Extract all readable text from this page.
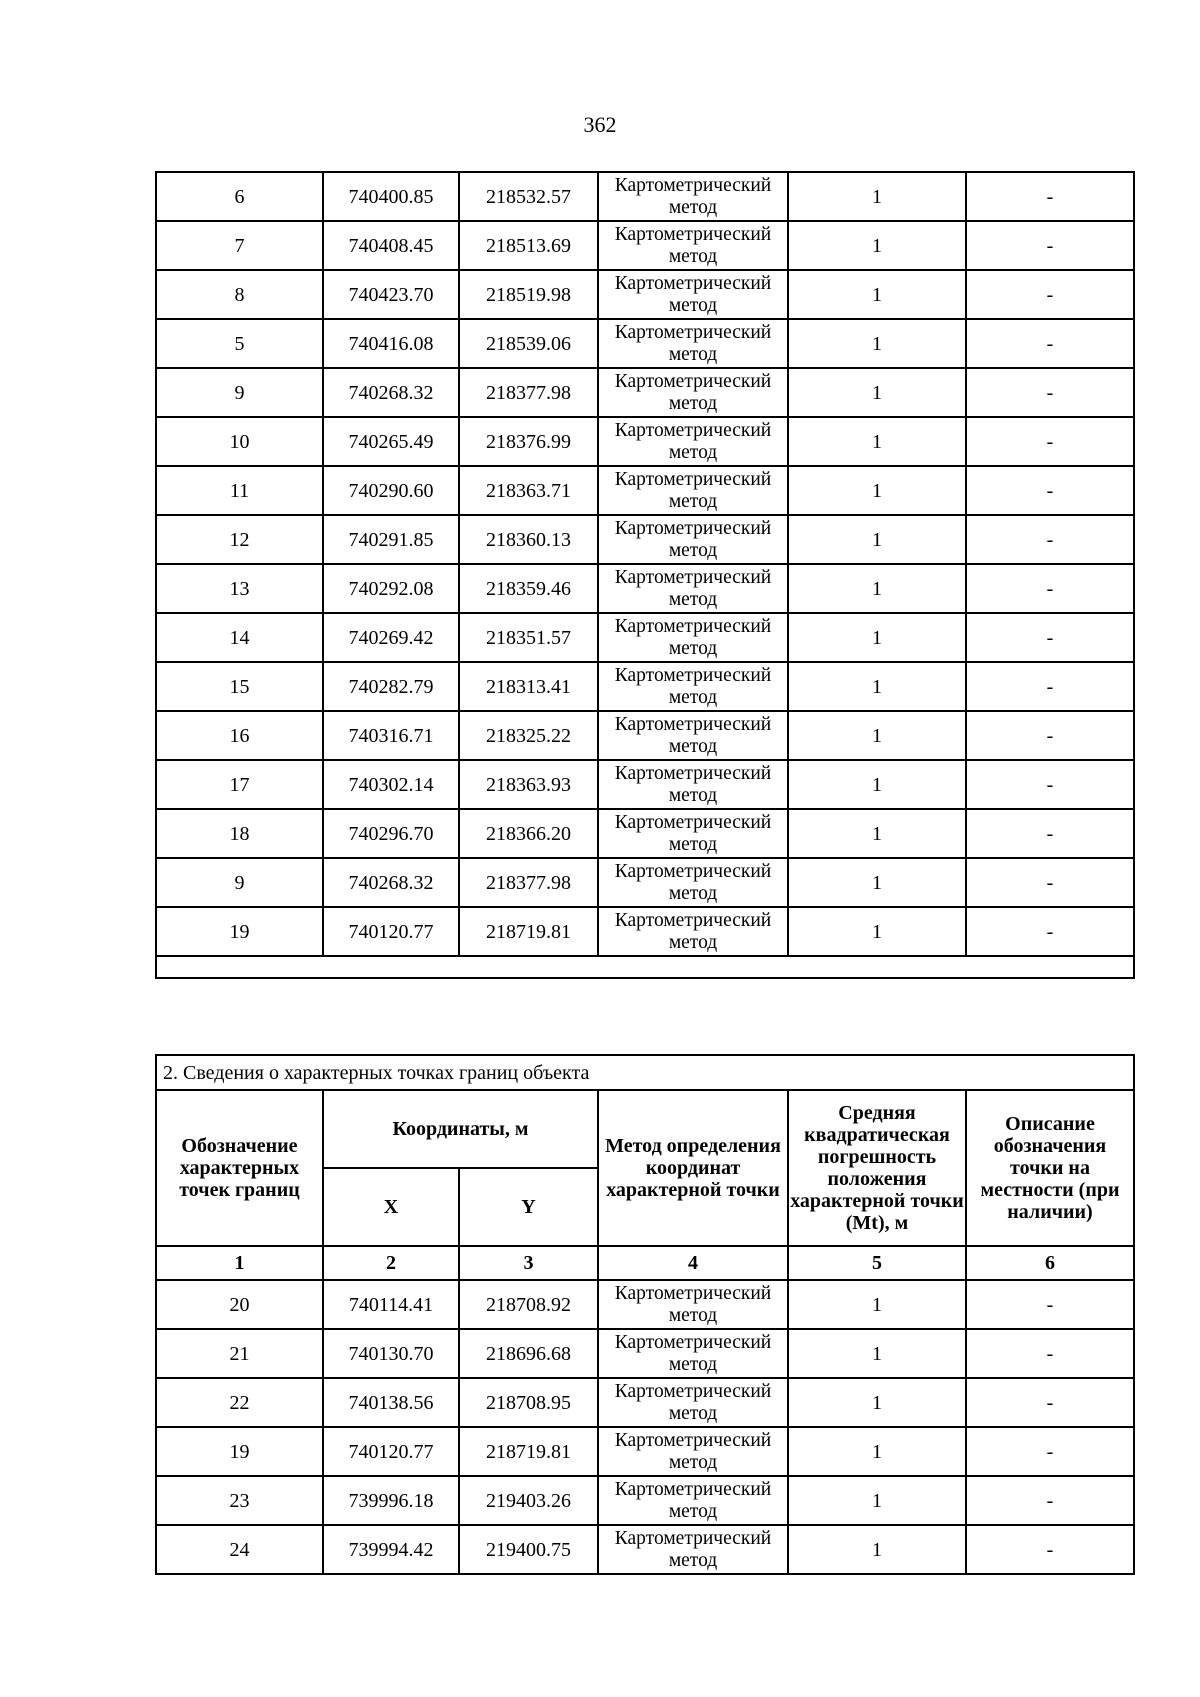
362
6	740400.85	218532.57	Картометрический метод	1	-
7	740408.45	218513.69	Картометрический метод	1	-
8	740423.70	218519.98	Картометрический метод	1	-
5	740416.08	218539.06	Картометрический метод	1	-
9	740268.32	218377.98	Картометрический метод	1	-
10	740265.49	218376.99	Картометрический метод	1	-
11	740290.60	218363.71	Картометрический метод	1	-
12	740291.85	218360.13	Картометрический метод	1	-
13	740292.08	218359.46	Картометрический метод	1	-
14	740269.42	218351.57	Картометрический метод	1	-
15	740282.79	218313.41	Картометрический метод	1	-
16	740316.71	218325.22	Картометрический метод	1	-
17	740302.14	218363.93	Картометрический метод	1	-
18	740296.70	218366.20	Картометрический метод	1	-
9	740268.32	218377.98	Картометрический метод	1	-
19	740120.77	218719.81	Картометрический метод	1	-

2. Сведения о характерных точках границ объекта					
Обозначение характерных точек границ	Координаты, м		Метод определения координат характерной точки	Средняя квадратическая погрешность положения характерной точки (Mt), м	Описание обозначения точки на местности (при наличии)
	X	Y			
1	2	3	4	5	6
20	740114.41	218708.92	Картометрический метод	1	-
21	740130.70	218696.68	Картометрический метод	1	-
22	740138.56	218708.95	Картометрический метод	1	-
19	740120.77	218719.81	Картометрический метод	1	-
23	739996.18	219403.26	Картометрический метод	1	-
24	739994.42	219400.75	Картометрический метод	1	-
